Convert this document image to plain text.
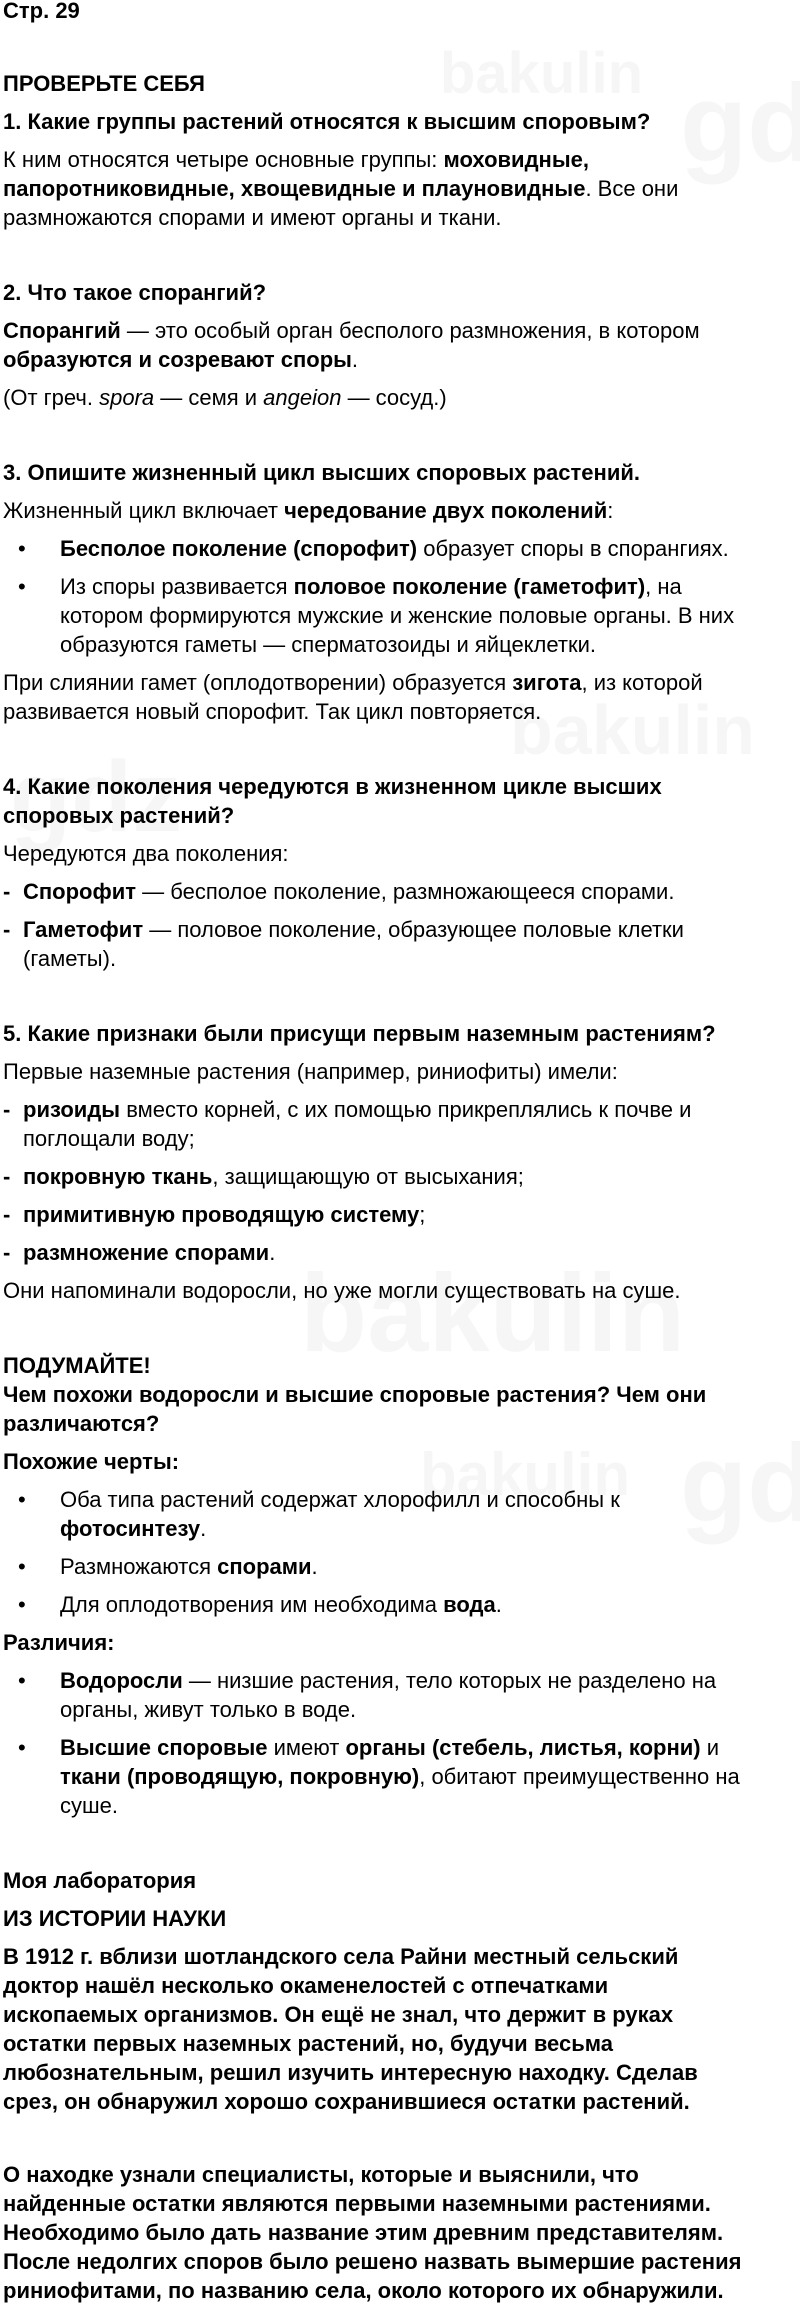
Стр. 29
ПРОВЕРЬТЕ СЕБЯ
1. Какие группы растений относятся к высшим споровым?
К ним относятся четыре основные группы: моховидные,
папоротниковидные, хвощевидные и плауновидные. Все они
размножаются спорами и имеют органы и ткани.
2. Что такое спорангий?
Спорангий — это особый орган бесполого размножения, в котором
образуются и созревают споры.
(От греч. spora — семя и angeion — сосуд.)
3. Опишите жизненный цикл высших споровых растений.
Жизненный цикл включает чередование двух поколений:
• Бесполое поколение (спорофит) образует споры в спорангиях.
• Из споры развивается половое поколение (гаметофит), на
котором формируются мужские и женские половые органы. В них
образуются гаметы — сперматозоиды и яйцеклетки.
При слиянии гамет (оплодотворении) образуется зигота, из которой
развивается новый спорофит. Так цикл повторяется.
4. Какие поколения чередуются в жизненном цикле высших
споровых растений?
Чередуются два поколения:
- Спорофит — бесполое поколение, размножающееся спорами.
- Гаметофит — половое поколение, образующее половые клетки
(гаметы).
5. Какие признаки были присущи первым наземным растениям?
Первые наземные растения (например, риниофиты) имели:
- ризоиды вместо корней, с их помощью прикреплялись к почве и
поглощали воду;
- покровную ткань, защищающую от высыхания;
- примитивную проводящую систему;
- размножение спорами.
Они напоминали водоросли, но уже могли существовать на суше.
ПОДУМАЙТЕ!
Чем похожи водоросли и высшие споровые растения? Чем они
различаются?
Похожие черты:
• Оба типа растений содержат хлорофилл и способны к
фотосинтезу.
• Размножаются спорами.
• Для оплодотворения им необходима вода.
Различия:
• Водоросли — низшие растения, тело которых не разделено на
органы, живут только в воде.
• Высшие споровые имеют органы (стебель, листья, корни) и
ткани (проводящую, покровную), обитают преимущественно на
суше.
Моя лаборатория
ИЗ ИСТОРИИ НАУКИ
В 1912 г. вблизи шотландского села Райни местный сельский
доктор нашёл несколько окаменелостей с отпечатками
ископаемых организмов. Он ещё не знал, что держит в руках
остатки первых наземных растений, но, будучи весьма
любознательным, решил изучить интересную находку. Сделав
срез, он обнаружил хорошо сохранившиеся остатки растений.
О находке узнали специалисты, которые и выяснили, что
найденные остатки являются первыми наземными растениями.
Необходимо было дать название этим древним представителям.
После недолгих споров было решено назвать вымершие растения
риниофитами, по названию села, около которого их обнаружили.
